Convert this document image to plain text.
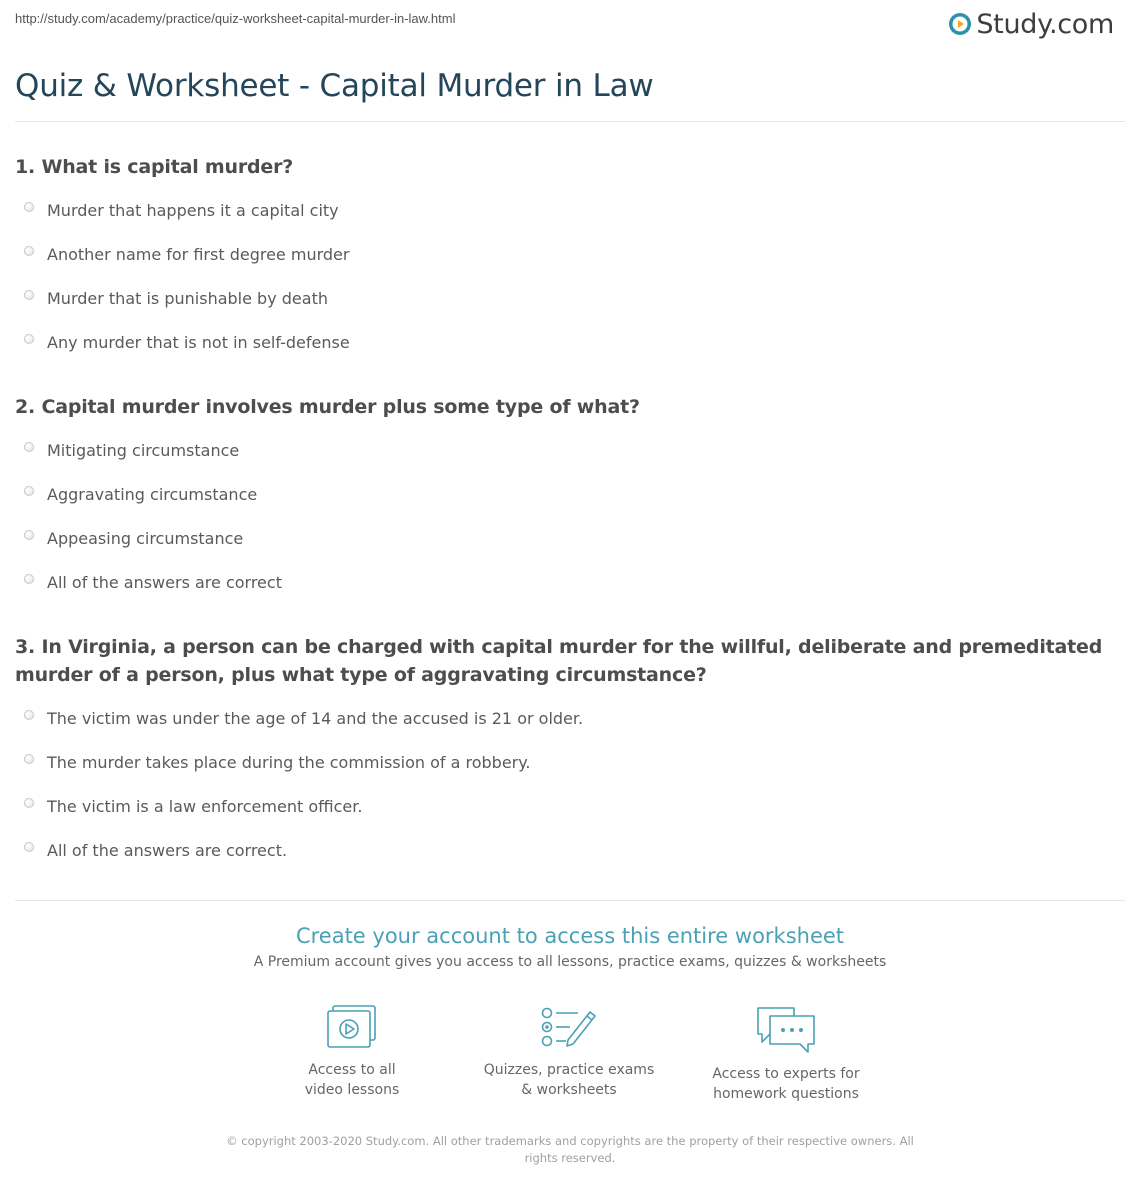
http://study.com/academy/practice/quiz-worksheet-capital-murder-in-law.html	Study.com
Quiz & Worksheet - Capital Murder in Law
1. What is capital murder?
Murder that happens it a capital city
Another name for first degree murder
Murder that is punishable by death
Any murder that is not in self-defense
2. Capital murder involves murder plus some type of what?
Mitigating circumstance
Aggravating circumstance
Appeasing circumstance
All of the answers are correct
3. In Virginia, a person can be charged with capital murder for the willful, deliberate and premeditated murder of a person, plus what type of aggravating circumstance?
The victim was under the age of 14 and the accused is 21 or older.
The murder takes place during the commission of a robbery.
The victim is a law enforcement officer.
All of the answers are correct.
Create your account to access this entire worksheet
A Premium account gives you access to all lessons, practice exams, quizzes & worksheets
Access to all
video lessons
Quizzes, practice exams
& worksheets
Access to experts for
homework questions
© copyright 2003-2020 Study.com. All other trademarks and copyrights are the property of their respective owners. All rights reserved.
